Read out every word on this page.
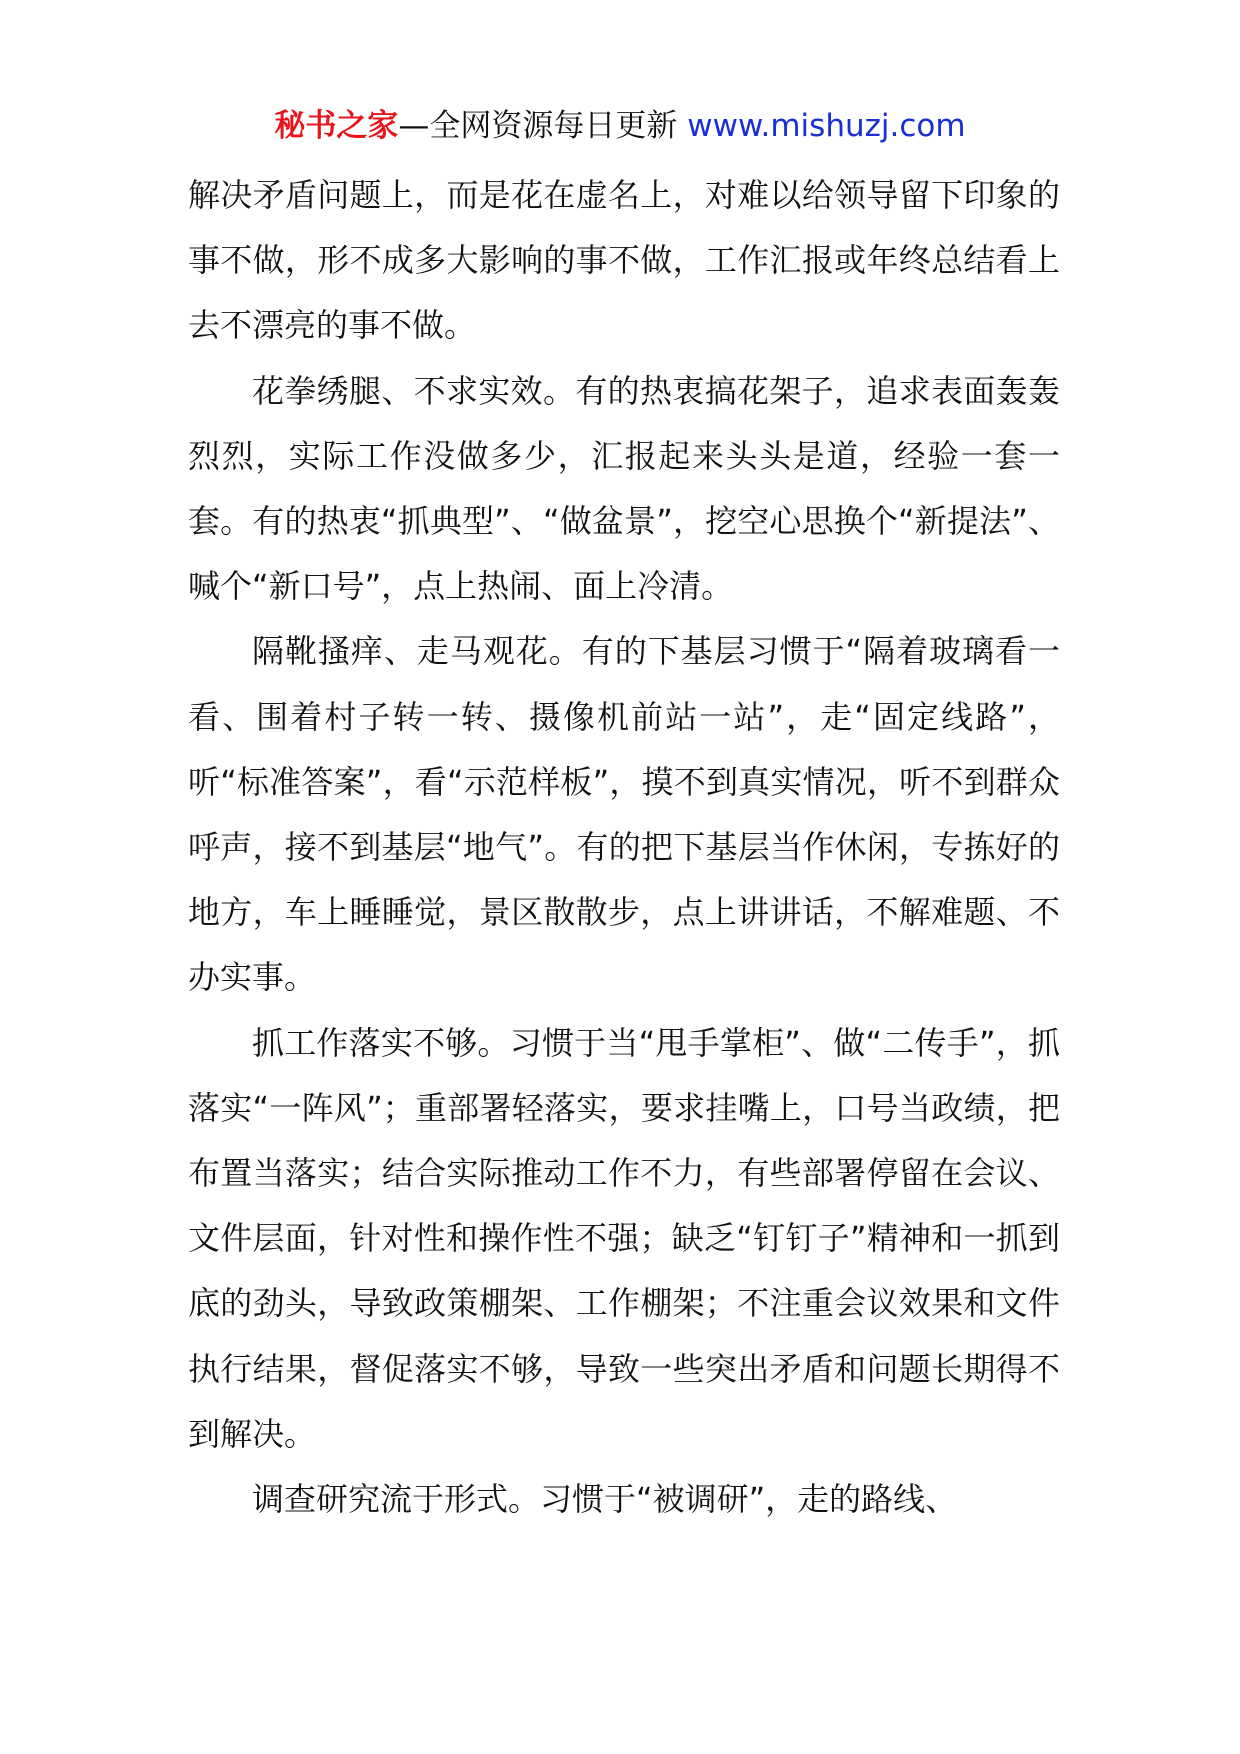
秘书之家—全网资源每日更新 www.mishuzj.com

解决矛盾问题上，而是花在虚名上，对难以给领导留下印象的事不做，形不成多大影响的事不做，工作汇报或年终总结看上去不漂亮的事不做。

花拳绣腿、不求实效。有的热衷搞花架子，追求表面轰轰烈烈，实际工作没做多少，汇报起来头头是道，经验一套一套。有的热衷“抓典型”、“做盆景”，挖空心思换个“新提法”、喊个“新口号”，点上热闹、面上冷清。

隔靴搔痒、走马观花。有的下基层习惯于“隔着玻璃看一看、围着村子转一转、摄像机前站一站”，走“固定线路”，听“标准答案”，看“示范样板”，摸不到真实情况，听不到群众呼声，接不到基层“地气”。有的把下基层当作休闲，专拣好的地方，车上睡睡觉，景区散散步，点上讲讲话，不解难题、不办实事。

抓工作落实不够。习惯于当“甩手掌柜”、做“二传手”，抓落实“一阵风”；重部署轻落实，要求挂嘴上，口号当政绩，把布置当落实；结合实际推动工作不力，有些部署停留在会议、文件层面，针对性和操作性不强；缺乏“钉钉子”精神和一抓到底的劲头，导致政策棚架、工作棚架；不注重会议效果和文件执行结果，督促落实不够，导致一些突出矛盾和问题长期得不到解决。

调查研究流于形式。习惯于“被调研”，走的路线、
